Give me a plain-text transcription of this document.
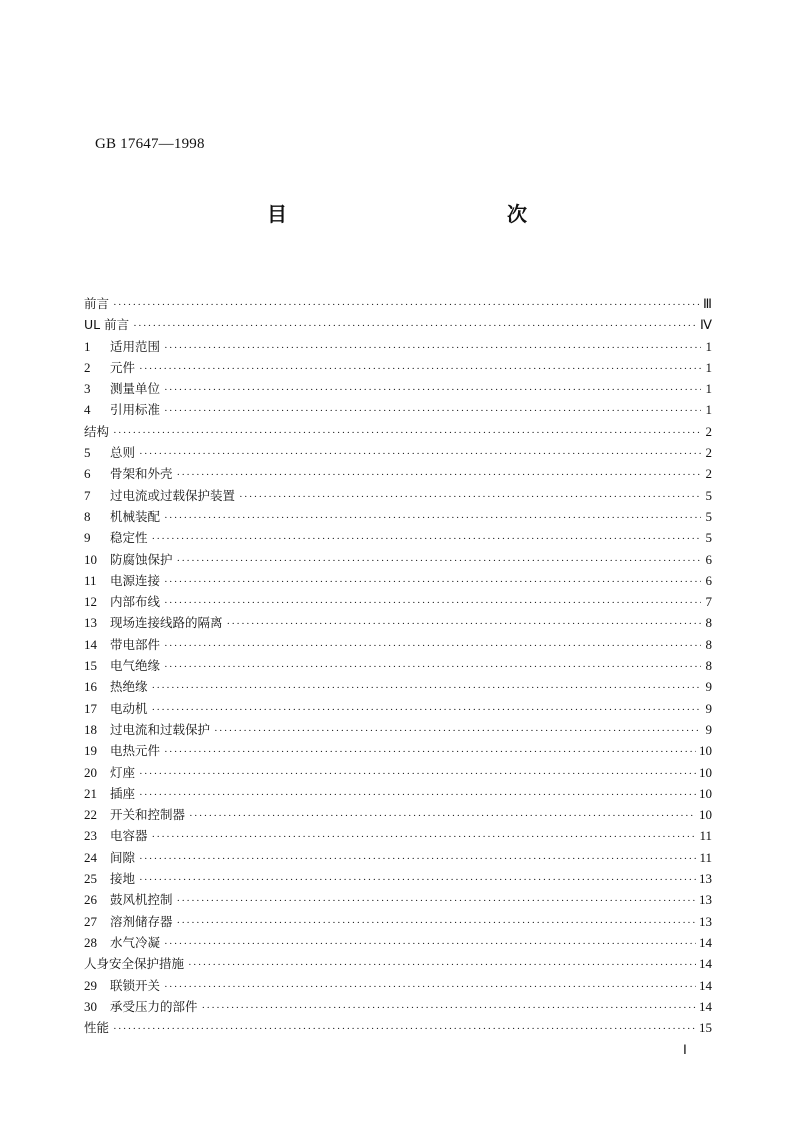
GB 17647—1998
目　　次
前言 ·····	Ⅲ
UL 前言 ·····	Ⅳ
1	适用范围 ·····	1
2	元件 ·····	1
3	测量单位 ·····	1
4	引用标准 ·····	1
结构 ·····	2
5	总则 ·····	2
6	骨架和外壳 ·····	2
7	过电流或过载保护装置 ·····	5
8	机械装配 ·····	5
9	稳定性 ·····	5
10	防腐蚀保护 ·····	6
11	电源连接 ·····	6
12	内部布线 ·····	7
13	现场连接线路的隔离 ·····	8
14	带电部件 ·····	8
15	电气绝缘 ·····	8
16	热绝缘 ·····	9
17	电动机 ·····	9
18	过电流和过载保护 ·····	9
19	电热元件 ·····	10
20	灯座 ·····	10
21	插座 ·····	10
22	开关和控制器 ·····	10
23	电容器 ·····	11
24	间隙 ·····	11
25	接地 ·····	13
26	鼓风机控制 ·····	13
27	溶剂储存器 ·····	13
28	水气冷凝 ·····	14
人身安全保护措施 ·····	14
29	联锁开关 ·····	14
30	承受压力的部件 ·····	14
性能 ·····	15
Ⅰ
